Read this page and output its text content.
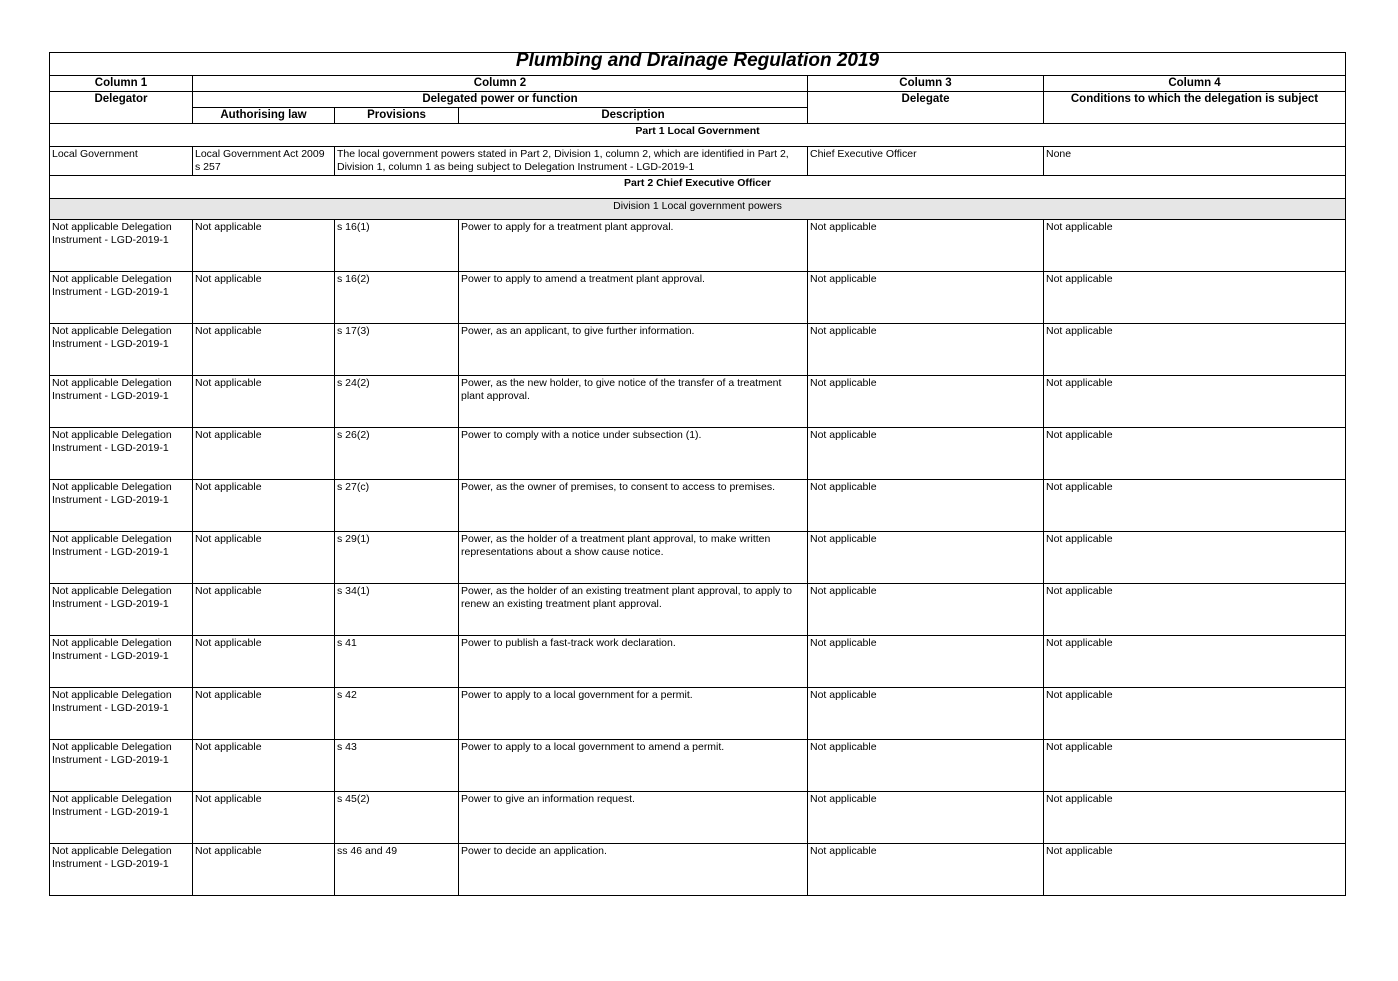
Plumbing and Drainage Regulation 2019					
Column 1	Column 2			Column 3	Column 4
Delegator	Delegated power or function			Delegate	Conditions to which the delegation is subject
	Authorising law	Provisions	Description		
Part 1 Local Government					
Local Government	Local Government Act 2009 s 257	The local government powers stated in Part 2, Division 1, column 2, which are identified in Part 2, Division 1, column 1 as being subject to Delegation Instrument - LGD-2019-1		Chief Executive Officer	None
Part 2 Chief Executive Officer					
Division 1 Local government powers					
Not applicable Delegation Instrument - LGD-2019-1	Not applicable	s 16(1)	Power to apply for a treatment plant approval.	Not applicable	Not applicable
Not applicable Delegation Instrument - LGD-2019-1	Not applicable	s 16(2)	Power to apply to amend a treatment plant approval.	Not applicable	Not applicable
Not applicable Delegation Instrument - LGD-2019-1	Not applicable	s 17(3)	Power, as an applicant, to give further information.	Not applicable	Not applicable
Not applicable Delegation Instrument - LGD-2019-1	Not applicable	s 24(2)	Power, as the new holder, to give notice of the transfer of a treatment plant approval.	Not applicable	Not applicable
Not applicable Delegation Instrument - LGD-2019-1	Not applicable	s 26(2)	Power to comply with a notice under subsection (1).	Not applicable	Not applicable
Not applicable Delegation Instrument - LGD-2019-1	Not applicable	s 27(c)	Power, as the owner of premises, to consent to access to premises.	Not applicable	Not applicable
Not applicable Delegation Instrument - LGD-2019-1	Not applicable	s 29(1)	Power, as the holder of a treatment plant approval, to make written representations about a show cause notice.	Not applicable	Not applicable
Not applicable Delegation Instrument - LGD-2019-1	Not applicable	s 34(1)	Power, as the holder of an existing treatment plant approval, to apply to renew an existing treatment plant approval.	Not applicable	Not applicable
Not applicable Delegation Instrument - LGD-2019-1	Not applicable	s 41	Power to publish a fast-track work declaration.	Not applicable	Not applicable
Not applicable Delegation Instrument - LGD-2019-1	Not applicable	s 42	Power to apply to a local government for a permit.	Not applicable	Not applicable
Not applicable Delegation Instrument - LGD-2019-1	Not applicable	s 43	Power to apply to a local government to amend a permit.	Not applicable	Not applicable
Not applicable Delegation Instrument - LGD-2019-1	Not applicable	s 45(2)	Power to give an information request.	Not applicable	Not applicable
Not applicable Delegation Instrument - LGD-2019-1	Not applicable	ss 46 and 49	Power to decide an application.	Not applicable	Not applicable
